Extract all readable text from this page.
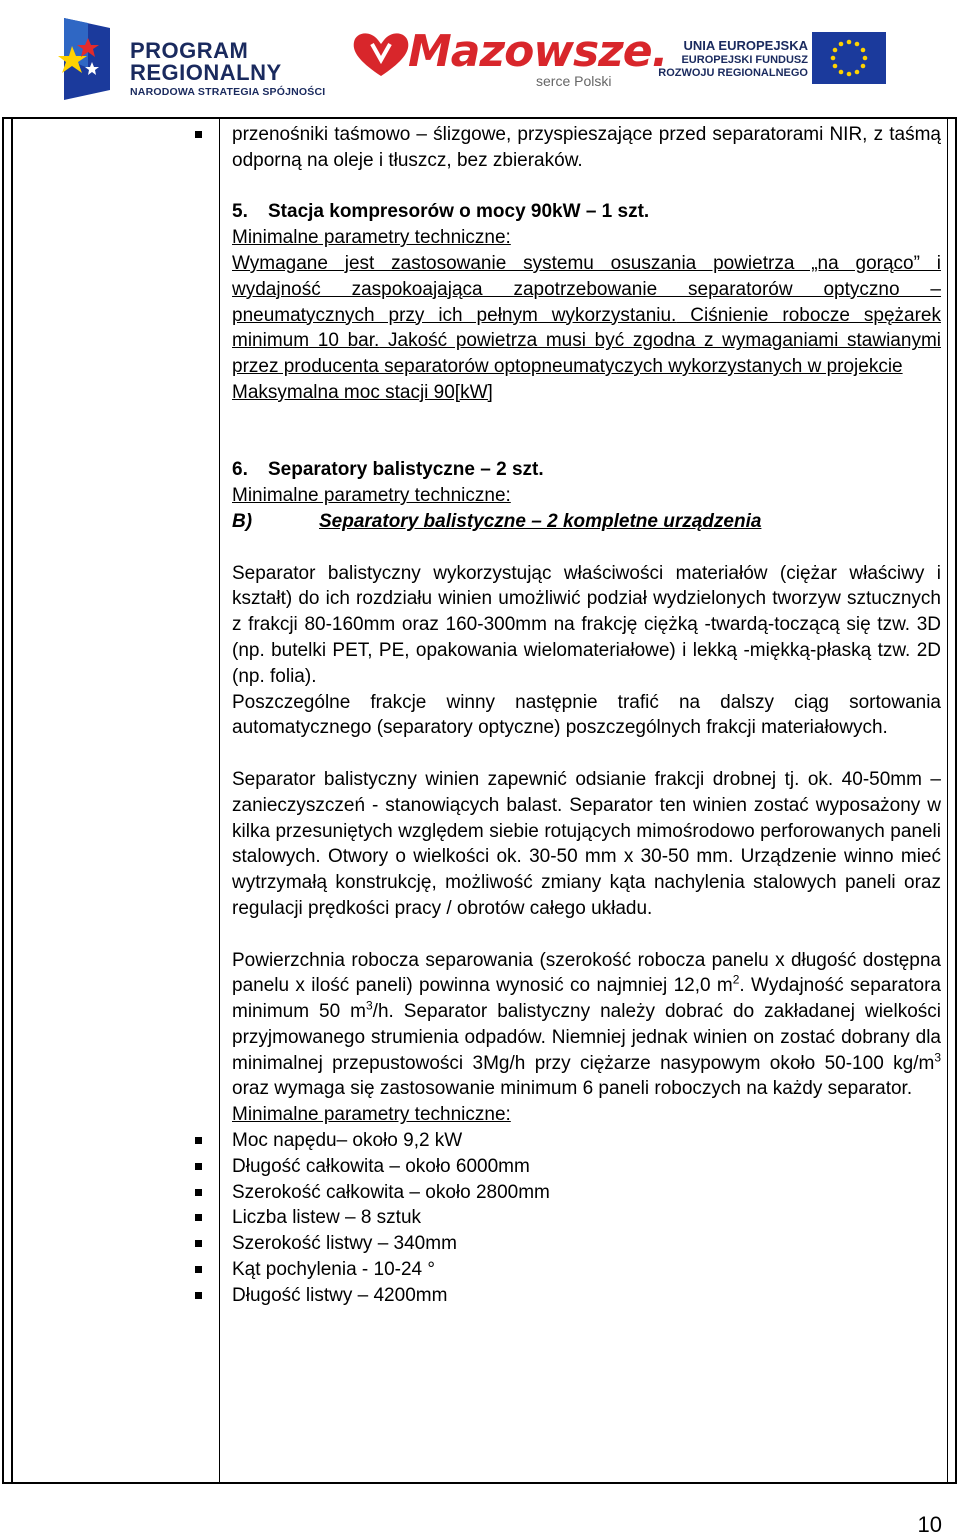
PROGRAM
REGIONALNY
NARODOWA STRATEGIA SPÓJNOŚCI
Mazowsze.
serce Polski
UNIA EUROPEJSKA
EUROPEJSKI FUNDUSZ
ROZWOJU REGIONALNEGO
przenośniki taśmowo – ślizgowe, przyspieszające przed separatorami NIR, z taśmą odporną na oleje i tłuszcz, bez zbieraków.
5. Stacja kompresorów o mocy 90kW – 1 szt.
Minimalne parametry techniczne:
Wymagane jest zastosowanie systemu osuszania powietrza „na gorąco” i wydajność zaspokoajająca zapotrzebowanie separatorów optyczno – pneumatycznych przy ich pełnym wykorzystaniu. Ciśnienie robocze spężarek minimum 10 bar. Jakość powietrza musi być zgodna z wymaganiami stawianymi przez producenta separatorów optopneumatyczych wykorzystanych w projekcie
Maksymalna moc stacji 90[kW]
6. Separatory balistyczne – 2 szt.
Minimalne parametry techniczne:
B)	Separatory balistyczne – 2 kompletne urządzenia
Separator balistyczny wykorzystując właściwości materiałów (ciężar właściwy i kształt) do ich rozdziału winien umożliwić podział wydzielonych tworzyw sztucznych z frakcji 80-160mm oraz 160-300mm na frakcję ciężką -twardą-toczącą się tzw. 3D (np. butelki PET, PE, opakowania wielomateriałowe) i lekką -miękką-płaską tzw. 2D (np. folia).
Poszczególne frakcje winny następnie trafić na dalszy ciąg sortowania automatycznego (separatory optyczne) poszczególnych frakcji materiałowych.
Separator balistyczny winien zapewnić odsianie frakcji drobnej tj. ok. 40-50mm – zanieczyszczeń - stanowiących balast. Separator ten winien zostać wyposażony w kilka przesuniętych względem siebie rotujących mimośrodowo perforowanych paneli stalowych. Otwory o wielkości ok. 30-50 mm x 30-50 mm. Urządzenie winno mieć wytrzymałą konstrukcję, możliwość zmiany kąta nachylenia stalowych paneli oraz regulacji prędkości pracy / obrotów całego układu.
Powierzchnia robocza separowania (szerokość robocza panelu x długość dostępna panelu x ilość paneli) powinna wynosić co najmniej 12,0 $m^2$. Wydajność separatora minimum 50 $m^3/h$. Separator balistyczny należy dobrać do zakładanej wielkości przyjmowanego strumienia odpadów. Niemniej jednak winien on zostać dobrany dla minimalnej przepustowości 3Mg/h przy ciężarze nasypowym około 50-100 $kg/m^3$ oraz wymaga się zastosowanie minimum 6 paneli roboczych na każdy separator.
Minimalne parametry techniczne:
Moc napędu– około 9,2 kW
Długość całkowita – około 6000mm
Szerokość całkowita – około 2800mm
Liczba listew – 8 sztuk
Szerokość listwy – 340mm
Kąt pochylenia - 10-24 °
Długość listwy – 4200mm
10
